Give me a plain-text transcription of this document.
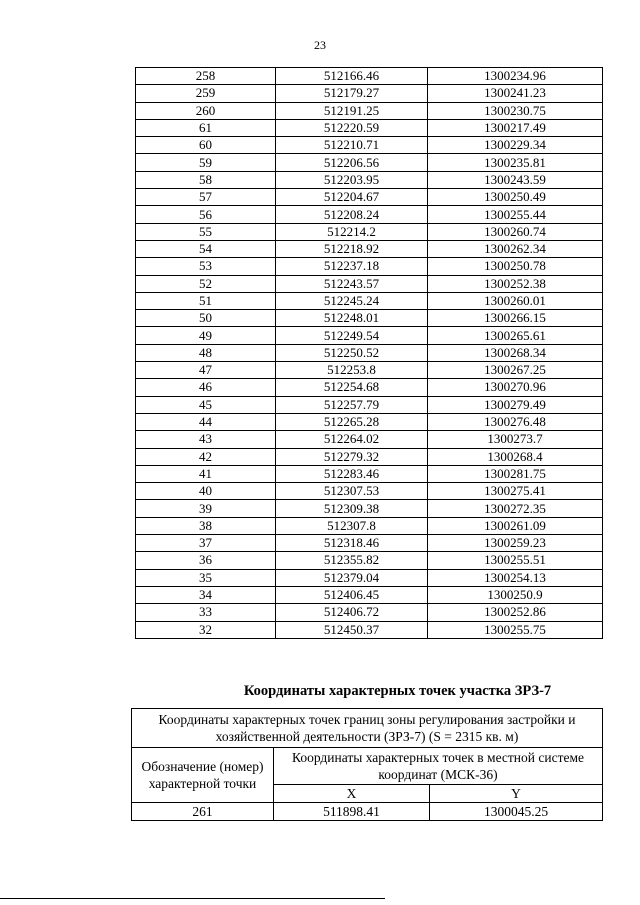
23
258	512166.46	1300234.96
259	512179.27	1300241.23
260	512191.25	1300230.75
61	512220.59	1300217.49
60	512210.71	1300229.34
59	512206.56	1300235.81
58	512203.95	1300243.59
57	512204.67	1300250.49
56	512208.24	1300255.44
55	512214.2	1300260.74
54	512218.92	1300262.34
53	512237.18	1300250.78
52	512243.57	1300252.38
51	512245.24	1300260.01
50	512248.01	1300266.15
49	512249.54	1300265.61
48	512250.52	1300268.34
47	512253.8	1300267.25
46	512254.68	1300270.96
45	512257.79	1300279.49
44	512265.28	1300276.48
43	512264.02	1300273.7
42	512279.32	1300268.4
41	512283.46	1300281.75
40	512307.53	1300275.41
39	512309.38	1300272.35
38	512307.8	1300261.09
37	512318.46	1300259.23
36	512355.82	1300255.51
35	512379.04	1300254.13
34	512406.45	1300250.9
33	512406.72	1300252.86
32	512450.37	1300255.75
Координаты характерных точек участка ЗРЗ-7
Координаты характерных точек границ зоны регулирования застройки и хозяйственной деятельности (ЗРЗ-7) (S = 2315 кв. м)		
Обозначение (номер) характерной точки	Координаты характерных точек в местной системе координат (МСК-36)	
	X	Y
261	511898.41	1300045.25
